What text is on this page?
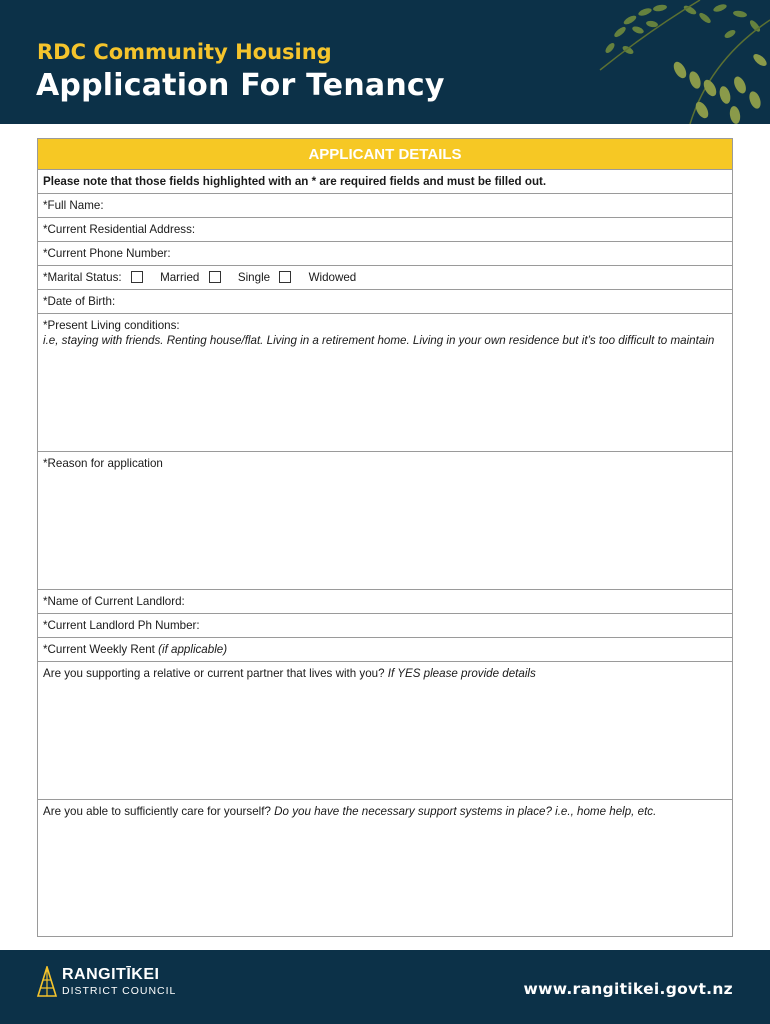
RDC Community Housing
Application For Tenancy
APPLICANT DETAILS
Please note that those fields highlighted with an * are required fields and must be filled out.
*Full Name:
*Current Residential Address:
*Current Phone Number:
*Marital Status:	Married	Single	Widowed
*Date of Birth:
*Present Living conditions:
i.e, staying with friends. Renting house/flat. Living in a retirement home. Living in your own residence but it’s too difficult to maintain
*Reason for application
*Name of Current Landlord:
*Current Landlord Ph Number:
*Current Weekly Rent (if applicable)
Are you supporting a relative or current partner that lives with you? If YES please provide details
Are you able to sufficiently care for yourself? Do you have the necessary support systems in place? i.e., home help, etc.
RANGITĪKEI
DISTRICT COUNCIL	www.rangitikei.govt.nz
